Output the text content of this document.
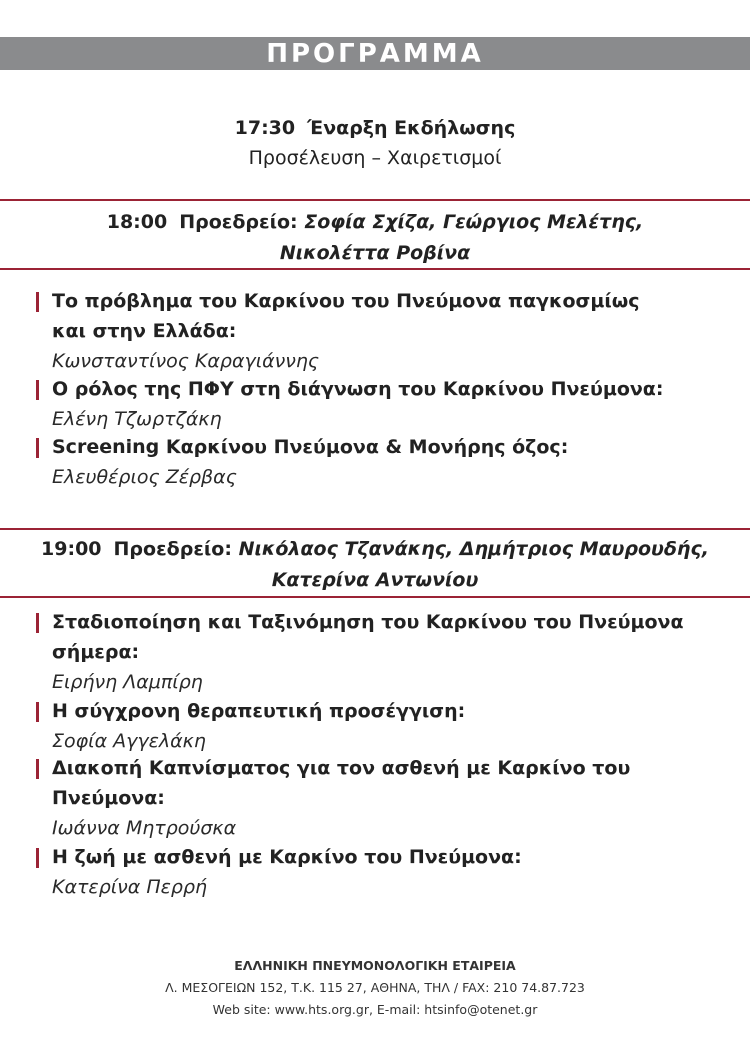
ΠΡΟΓΡΑΜΜΑ
17:30 Έναρξη Εκδήλωσης
Προσέλευση – Χαιρετισμοί
18:00 Προεδρείο: Σοφία Σχίζα, Γεώργιος Μελέτης,
Νικολέττα Ροβίνα
Το πρόβλημα του Καρκίνου του Πνεύμονα παγκοσμίως
και στην Ελλάδα:
Κωνσταντίνος Καραγιάννης
Ο ρόλος της ΠΦΥ στη διάγνωση του Καρκίνου Πνεύμονα:
Ελένη Τζωρτζάκη
Screening Καρκίνου Πνεύμονα & Μονήρης όζος:
Ελευθέριος Ζέρβας
19:00 Προεδρείο: Νικόλαος Τζανάκης, Δημήτριος Μαυρουδής,
Κατερίνα Αντωνίου
Σταδιοποίηση και Ταξινόμηση του Καρκίνου του Πνεύμονα
σήμερα:
Ειρήνη Λαμπίρη
Η σύγχρονη θεραπευτική προσέγγιση:
Σοφία Αγγελάκη
Διακοπή Καπνίσματος για τον ασθενή με Καρκίνο του
Πνεύμονα:
Ιωάννα Μητρούσκα
Η ζωή με ασθενή με Καρκίνο του Πνεύμονα:
Κατερίνα Περρή
ΕΛΛΗΝΙΚΗ ΠΝΕΥΜΟΝΟΛΟΓΙΚΗ ΕΤΑΙΡΕΙΑ
Λ. ΜΕΣΟΓΕΙΩΝ 152, Τ.Κ. 115 27, ΑΘΗΝΑ, ΤΗΛ / FAX: 210 74.87.723
Web site: www.hts.org.gr, E-mail: htsinfo@otenet.gr
